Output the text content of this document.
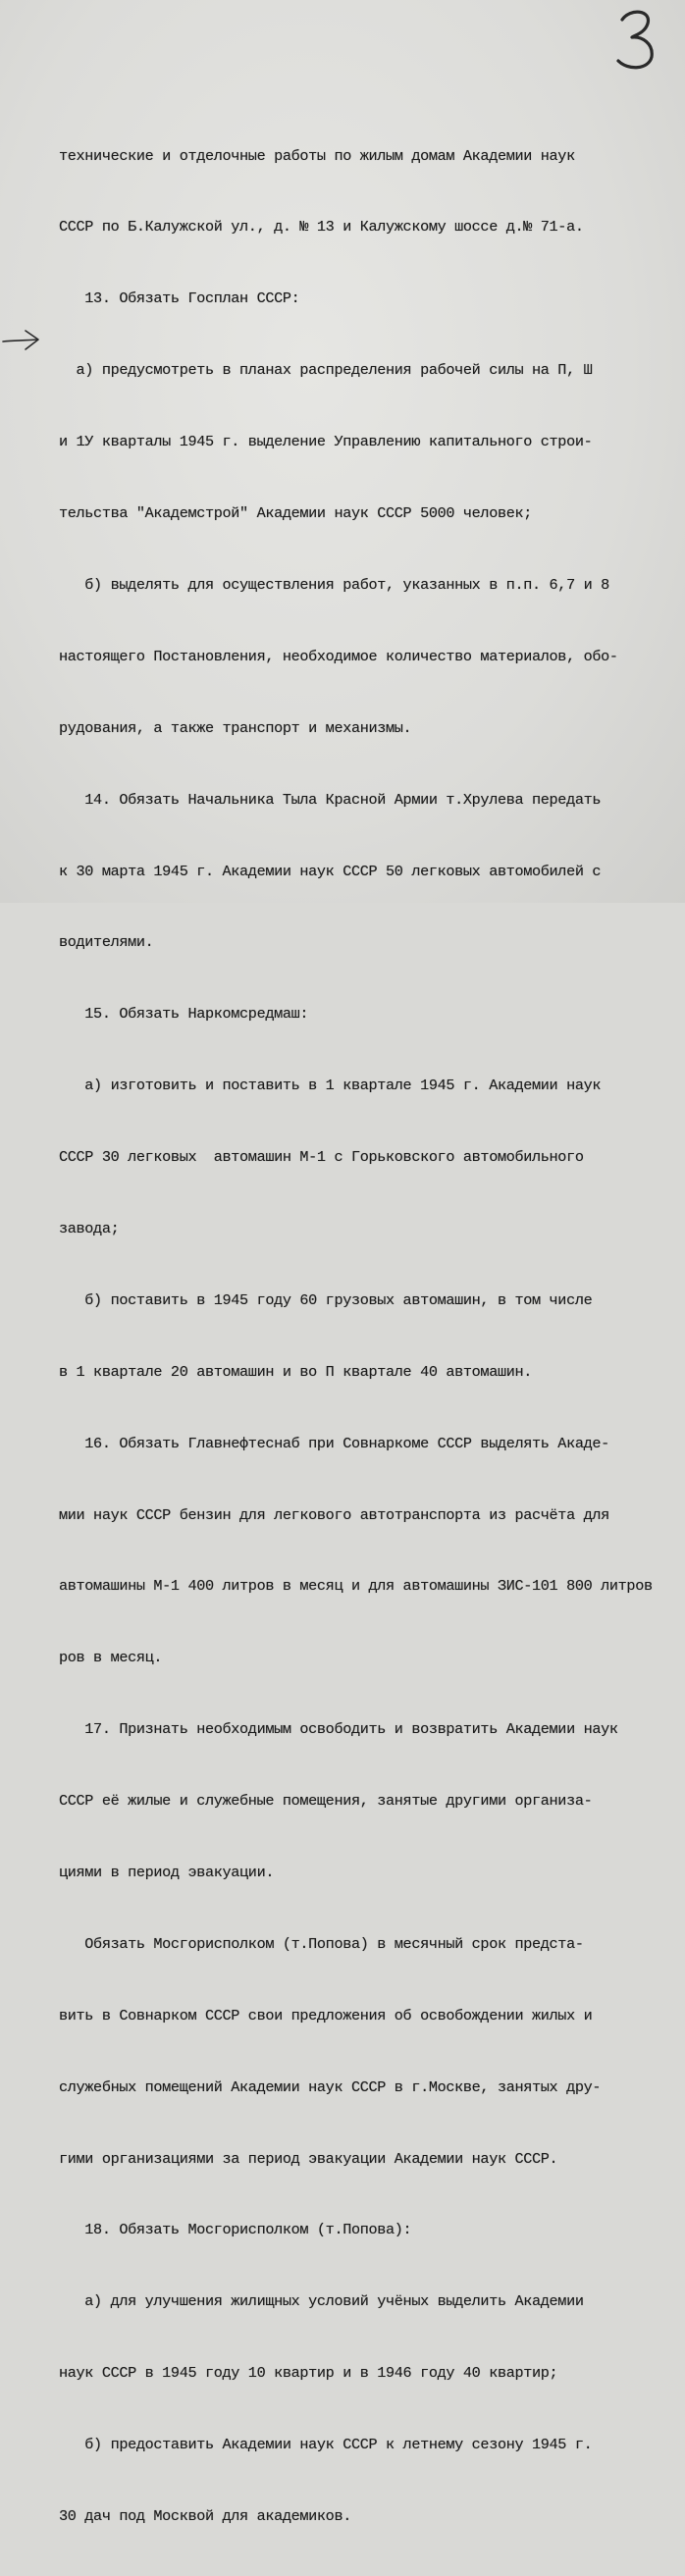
технические и отделочные работы по жилым домам Академии наук

СССР по Б.Калужской ул., д. № 13 и Калужскому шоссе д.№ 71-а.

13. Обязать Госплан СССР:

а) предусмотреть в планах распределения рабочей силы на П, Ш

и 1У кварталы 1945 г. выделение Управлению капитального строи-

тельства "Академстрой" Академии наук СССР 5000 человек;

б) выделять для осуществления работ, указанных в п.п. 6,7 и 8

настоящего Постановления, необходимое количество материалов, обо-

рудования, а также транспорт и механизмы.

14. Обязать Начальника Тыла Красной Армии т.Хрулева передать

к 30 марта 1945 г. Академии наук СССР 50 легковых автомобилей с

водителями.

15. Обязать Наркомсредмаш:

а) изготовить и поставить в 1 квартале 1945 г. Академии наук

СССР 30 легковых  автомашин М-1 с Горьковского автомобильного

завода;

б) поставить в 1945 году 60 грузовых автомашин, в том числе

в 1 квартале 20 автомашин и во П квартале 40 автомашин.

16. Обязать Главнефтеснаб при Совнаркоме СССР выделять Акаде-

мии наук СССР бензин для легкового автотранспорта из расчёта для

автомашины М-1 400 литров в месяц и для автомашины ЗИС-101 800 литров

ров в месяц.

17. Признать необходимым освободить и возвратить Академии наук

СССР её жилые и служебные помещения, занятые другими организа-

циями в период эвакуации.

Обязать Мосгорисполком (т.Попова) в месячный срок предста-

вить в Совнарком СССР свои предложения об освобождении жилых и

служебных помещений Академии наук СССР в г.Москве, занятых дру-

гими организациями за период эвакуации Академии наук СССР.

18. Обязать Мосгорисполком (т.Попова):

а) для улучшения жилищных условий учёных выделить Академии

наук СССР в 1945 году 10 квартир и в 1946 году 40 квартир;

б) предоставить Академии наук СССР к летнему сезону 1945 г.

30 дач под Москвой для академиков.
